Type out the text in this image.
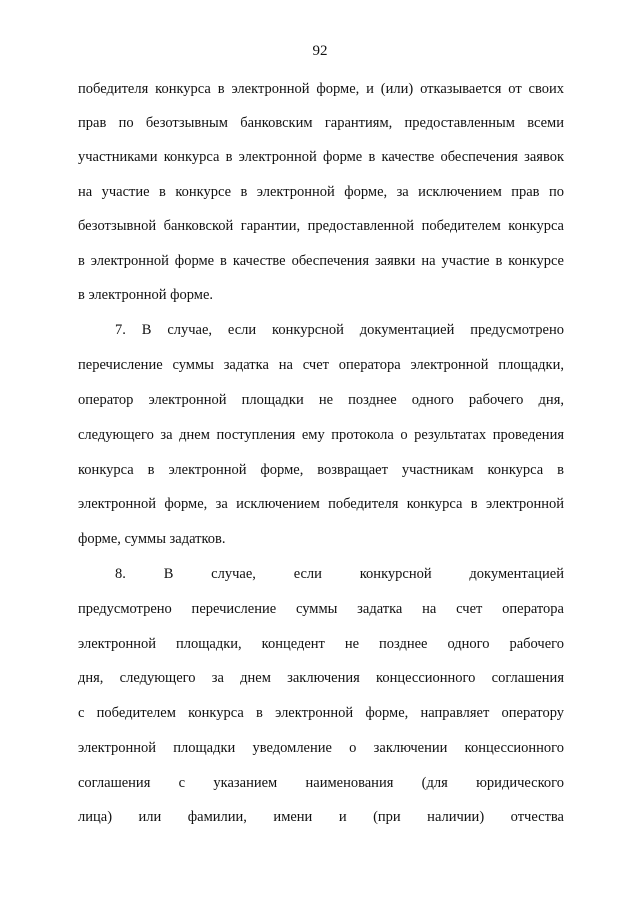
92
победителя конкурса в электронной форме, и (или) отказывается от своих
прав по безотзывным банковским гарантиям, предоставленным всеми
участниками конкурса в электронной форме в качестве обеспечения заявок
на участие в конкурсе в электронной форме, за исключением прав по
безотзывной банковской гарантии, предоставленной победителем конкурса
в электронной форме в качестве обеспечения заявки на участие в конкурсе
в электронной форме.
7. В случае, если конкурсной документацией предусмотрено
перечисление суммы задатка на счет оператора электронной площадки,
оператор электронной площадки не позднее одного рабочего дня,
следующего за днем поступления ему протокола о результатах проведения
конкурса в электронной форме, возвращает участникам конкурса в
электронной форме, за исключением победителя конкурса в электронной
форме, суммы задатков.
8. В случае, если конкурсной документацией
предусмотрено перечисление суммы задатка на счет оператора
электронной площадки, концедент не позднее одного рабочего
дня, следующего за днем заключения концессионного соглашения
с победителем конкурса в электронной форме, направляет оператору
электронной площадки уведомление о заключении концессионного
соглашения с указанием наименования (для юридического
лица) или фамилии, имени и (при наличии) отчества
